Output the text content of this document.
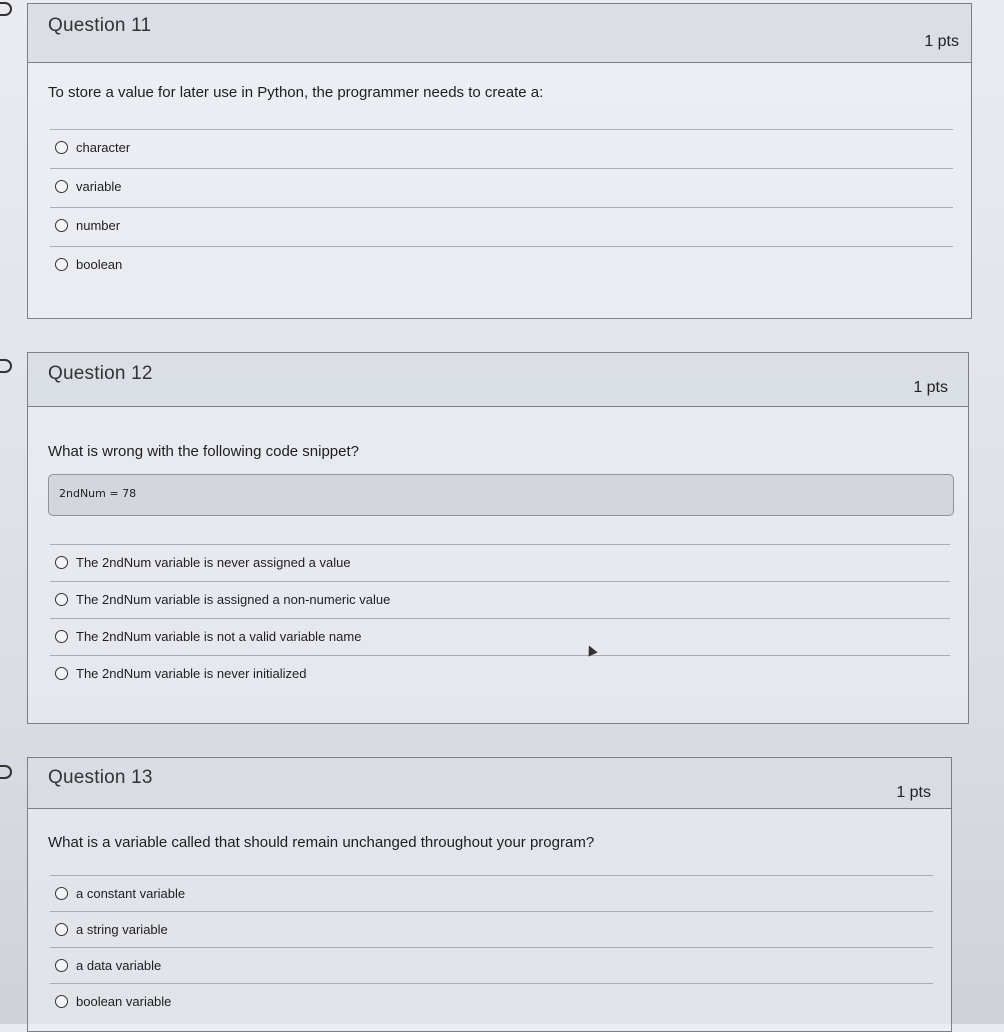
Question 11
1 pts
To store a value for later use in Python, the programmer needs to create a:
character
variable
number
boolean
Question 12
1 pts
What is wrong with the following code snippet?
2ndNum = 78
The 2ndNum variable is never assigned a value
The 2ndNum variable is assigned a non-numeric value
The 2ndNum variable is not a valid variable name
The 2ndNum variable is never initialized
Question 13
1 pts
What is a variable called that should remain unchanged throughout your program?
a constant variable
a string variable
a data variable
boolean variable
